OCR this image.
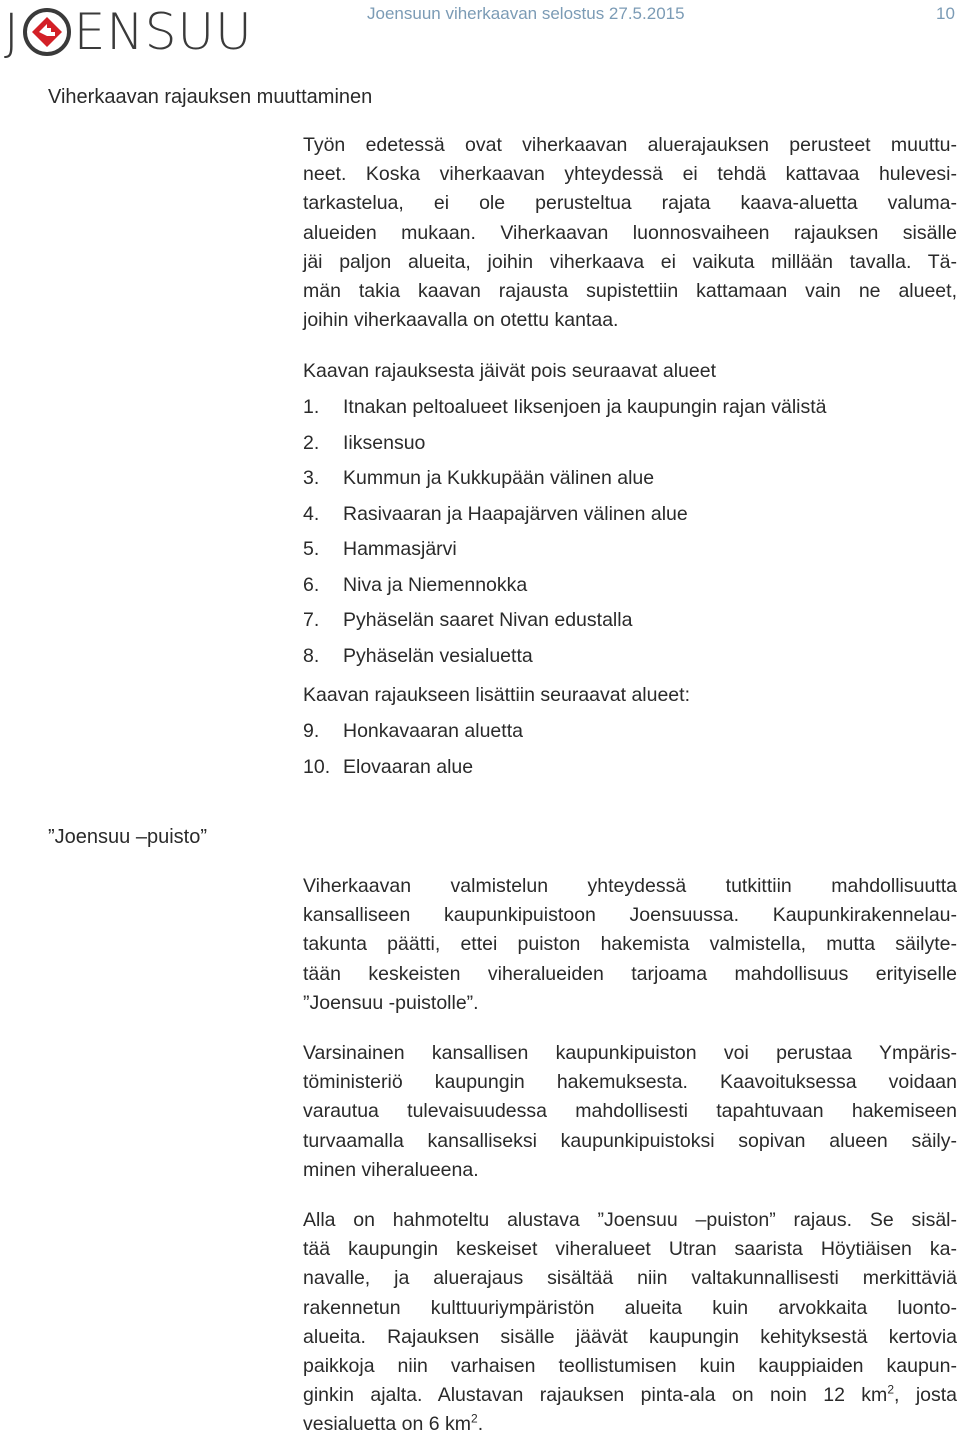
J ENSUU	Joensuun viherkaavan selostus 27.5.2015	10
Viherkaavan rajauksen muuttaminen
Työn edetessä ovat viherkaavan aluerajauksen perusteet muuttu-
neet. Koska viherkaavan yhteydessä ei tehdä kattavaa hulevesi-
tarkastelua, ei ole perusteltua rajata kaava-aluetta valuma-
alueiden mukaan. Viherkaavan luonnosvaiheen rajauksen sisälle
jäi paljon alueita, joihin viherkaava ei vaikuta millään tavalla. Tä-
män takia kaavan rajausta supistettiin kattamaan vain ne alueet,
joihin viherkaavalla on otettu kantaa.
Kaavan rajauksesta jäivät pois seuraavat alueet
1.	Itnakan peltoalueet Iiksenjoen ja kaupungin rajan välistä
2.	Iiksensuo
3.	Kummun ja Kukkupään välinen alue
4.	Rasivaaran ja Haapajärven välinen alue
5.	Hammasjärvi
6.	Niva ja Niemennokka
7.	Pyhäselän saaret Nivan edustalla
8.	Pyhäselän vesialuetta
Kaavan rajaukseen lisättiin seuraavat alueet:
9.	Honkavaaran aluetta
10. Elovaaran alue
”Joensuu –puisto”
Viherkaavan valmistelun yhteydessä tutkittiin mahdollisuutta
kansalliseen kaupunkipuistoon Joensuussa. Kaupunkirakennelau-
takunta päätti, ettei puiston hakemista valmistella, mutta säilyte-
tään keskeisten viheralueiden tarjoama mahdollisuus erityiselle
”Joensuu -puistolle”.
Varsinainen kansallisen kaupunkipuiston voi perustaa Ympäris-
töministeriö kaupungin hakemuksesta. Kaavoituksessa voidaan
varautua tulevaisuudessa mahdollisesti tapahtuvaan hakemiseen
turvaamalla kansalliseksi kaupunkipuistoksi sopivan alueen säily-
minen viheralueena.
Alla on hahmoteltu alustava ”Joensuu –puiston” rajaus. Se sisäl-
tää kaupungin keskeiset viheralueet Utran saarista Höytiäisen ka-
navalle, ja aluerajaus sisältää niin valtakunnallisesti merkittäviä
rakennetun kulttuuriympäristön alueita kuin arvokkaita luonto-
alueita. Rajauksen sisälle jäävät kaupungin kehityksestä kertovia
paikkoja niin varhaisen teollistumisen kuin kauppiaiden kaupun-
ginkin ajalta. Alustavan rajauksen pinta-ala on noin 12 $km^2$, josta
vesialuetta on 6 $km^2$.
